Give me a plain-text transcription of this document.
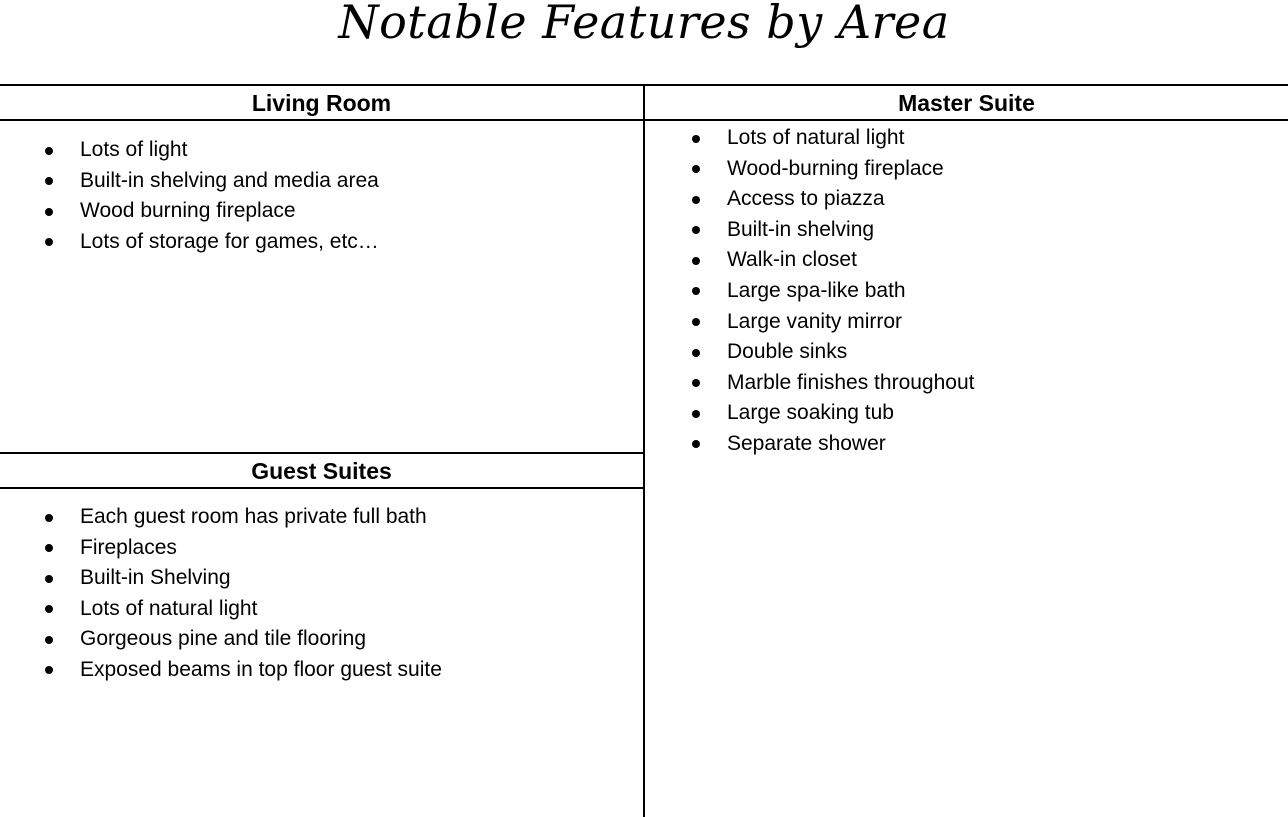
Notable Features by Area
Living Room
Lots of light
Built-in shelving and media area
Wood burning fireplace
Lots of storage for games, etc…
Guest Suites
Each guest room has private full bath
Fireplaces
Built-in Shelving
Lots of natural light
Gorgeous pine and tile flooring
Exposed beams in top floor guest suite
Master Suite
Lots of natural light
Wood-burning fireplace
Access to piazza
Built-in shelving
Walk-in closet
Large spa-like bath
Large vanity mirror
Double sinks
Marble finishes throughout
Large soaking tub
Separate shower
